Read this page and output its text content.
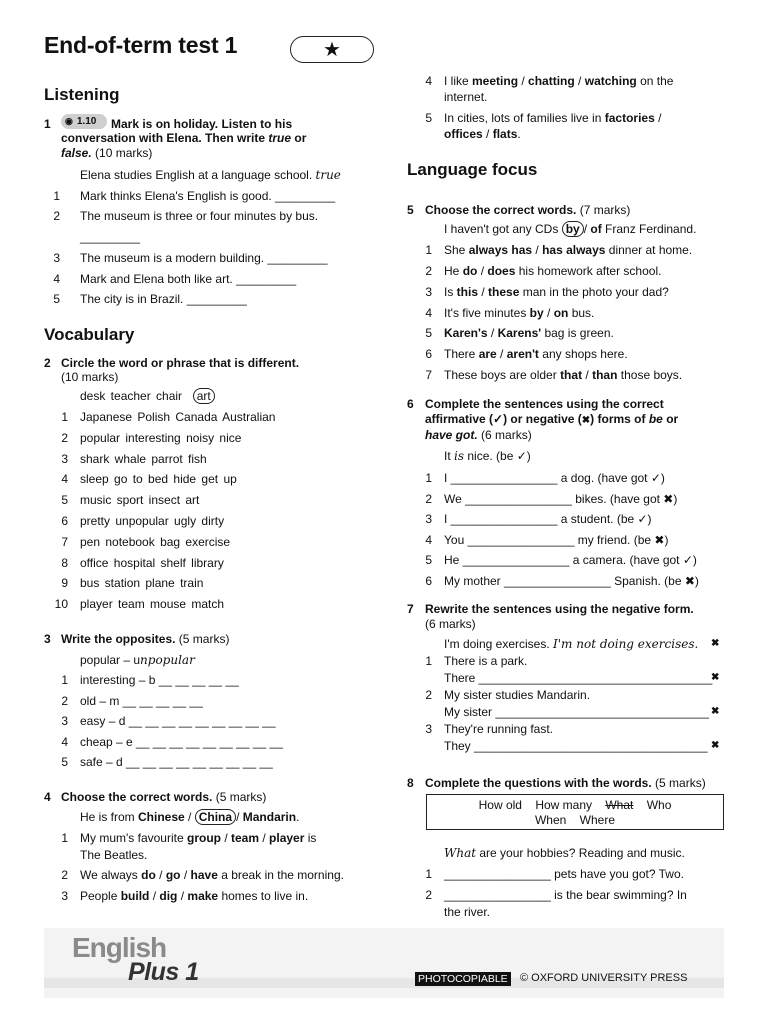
End-of-term test 1	★
Listening
1 ◉ 1.10 Mark is on holiday. Listen to his
conversation with Elena. Then write true or
false. (10 marks)
Elena studies English at a language school. true
1 Mark thinks Elena's English is good. _________
2 The museum is three or four minutes by bus.
_________
3 The museum is a modern building. _________
4 Mark and Elena both like art. _________
5 The city is in Brazil. _________
Vocabulary
2 Circle the word or phrase that is different.
(10 marks)
desk teacher chair art
1 Japanese Polish Canada Australian
2 popular interesting noisy nice
3 shark whale parrot fish
4 sleep go to bed hide get up
5 music sport insect art
6 pretty unpopular ugly dirty
7 pen notebook bag exercise
8 office hospital shelf library
9 bus station plane train
10 player team mouse match
3 Write the opposites. (5 marks)
popular – unpopular
1 interesting – b __ __ __ __ __
2 old – m __ __ __ __ __
3 easy – d __ __ __ __ __ __ __ __ __
4 cheap – e __ __ __ __ __ __ __ __ __
5 safe – d __ __ __ __ __ __ __ __ __
4 Choose the correct words. (5 marks)
He is from Chinese / China / Mandarin.
1 My mum's favourite group / team / player is
The Beatles.
2 We always do / go / have a break in the morning.
3 People build / dig / make homes to live in.
4 I like meeting / chatting / watching on the
internet.
5 In cities, lots of families live in factories /
offices / flats.
Language focus
5 Choose the correct words. (7 marks)
I haven't got any CDs by / of Franz Ferdinand.
1 She always has / has always dinner at home.
2 He do / does his homework after school.
3 Is this / these man in the photo your dad?
4 It's five minutes by / on bus.
5 Karen's / Karens' bag is green.
6 There are / aren't any shops here.
7 These boys are older that / than those boys.
6 Complete the sentences using the correct
affirmative (✓) or negative (✖) forms of be or
have got. (6 marks)
It is nice. (be ✓)
1 I ________________ a dog. (have got ✓)
2 We ________________ bikes. (have got ✖)
3 I ________________ a student. (be ✓)
4 You ________________ my friend. (be ✖)
5 He ________________ a camera. (have got ✓)
6 My mother ________________ Spanish. (be ✖)
7 Rewrite the sentences using the negative form.
(6 marks)
I'm doing exercises. I'm not doing exercises. ✖
1 There is a park.
There ___________________________________
✖
2 My sister studies Mandarin.
My sister ________________________________ ✖
3 They're running fast.
They ___________________________________ ✖
8 Complete the questions with the words. (5 marks)
How old    How many    What    Who
When    Where
What are your hobbies? Reading and music.
1 ________________ pets have you got? Two.
2 ________________ is the bear swimming? In
the river.
English
Plus 1	PHOTOCOPIABLE © OXFORD UNIVERSITY PRESS
